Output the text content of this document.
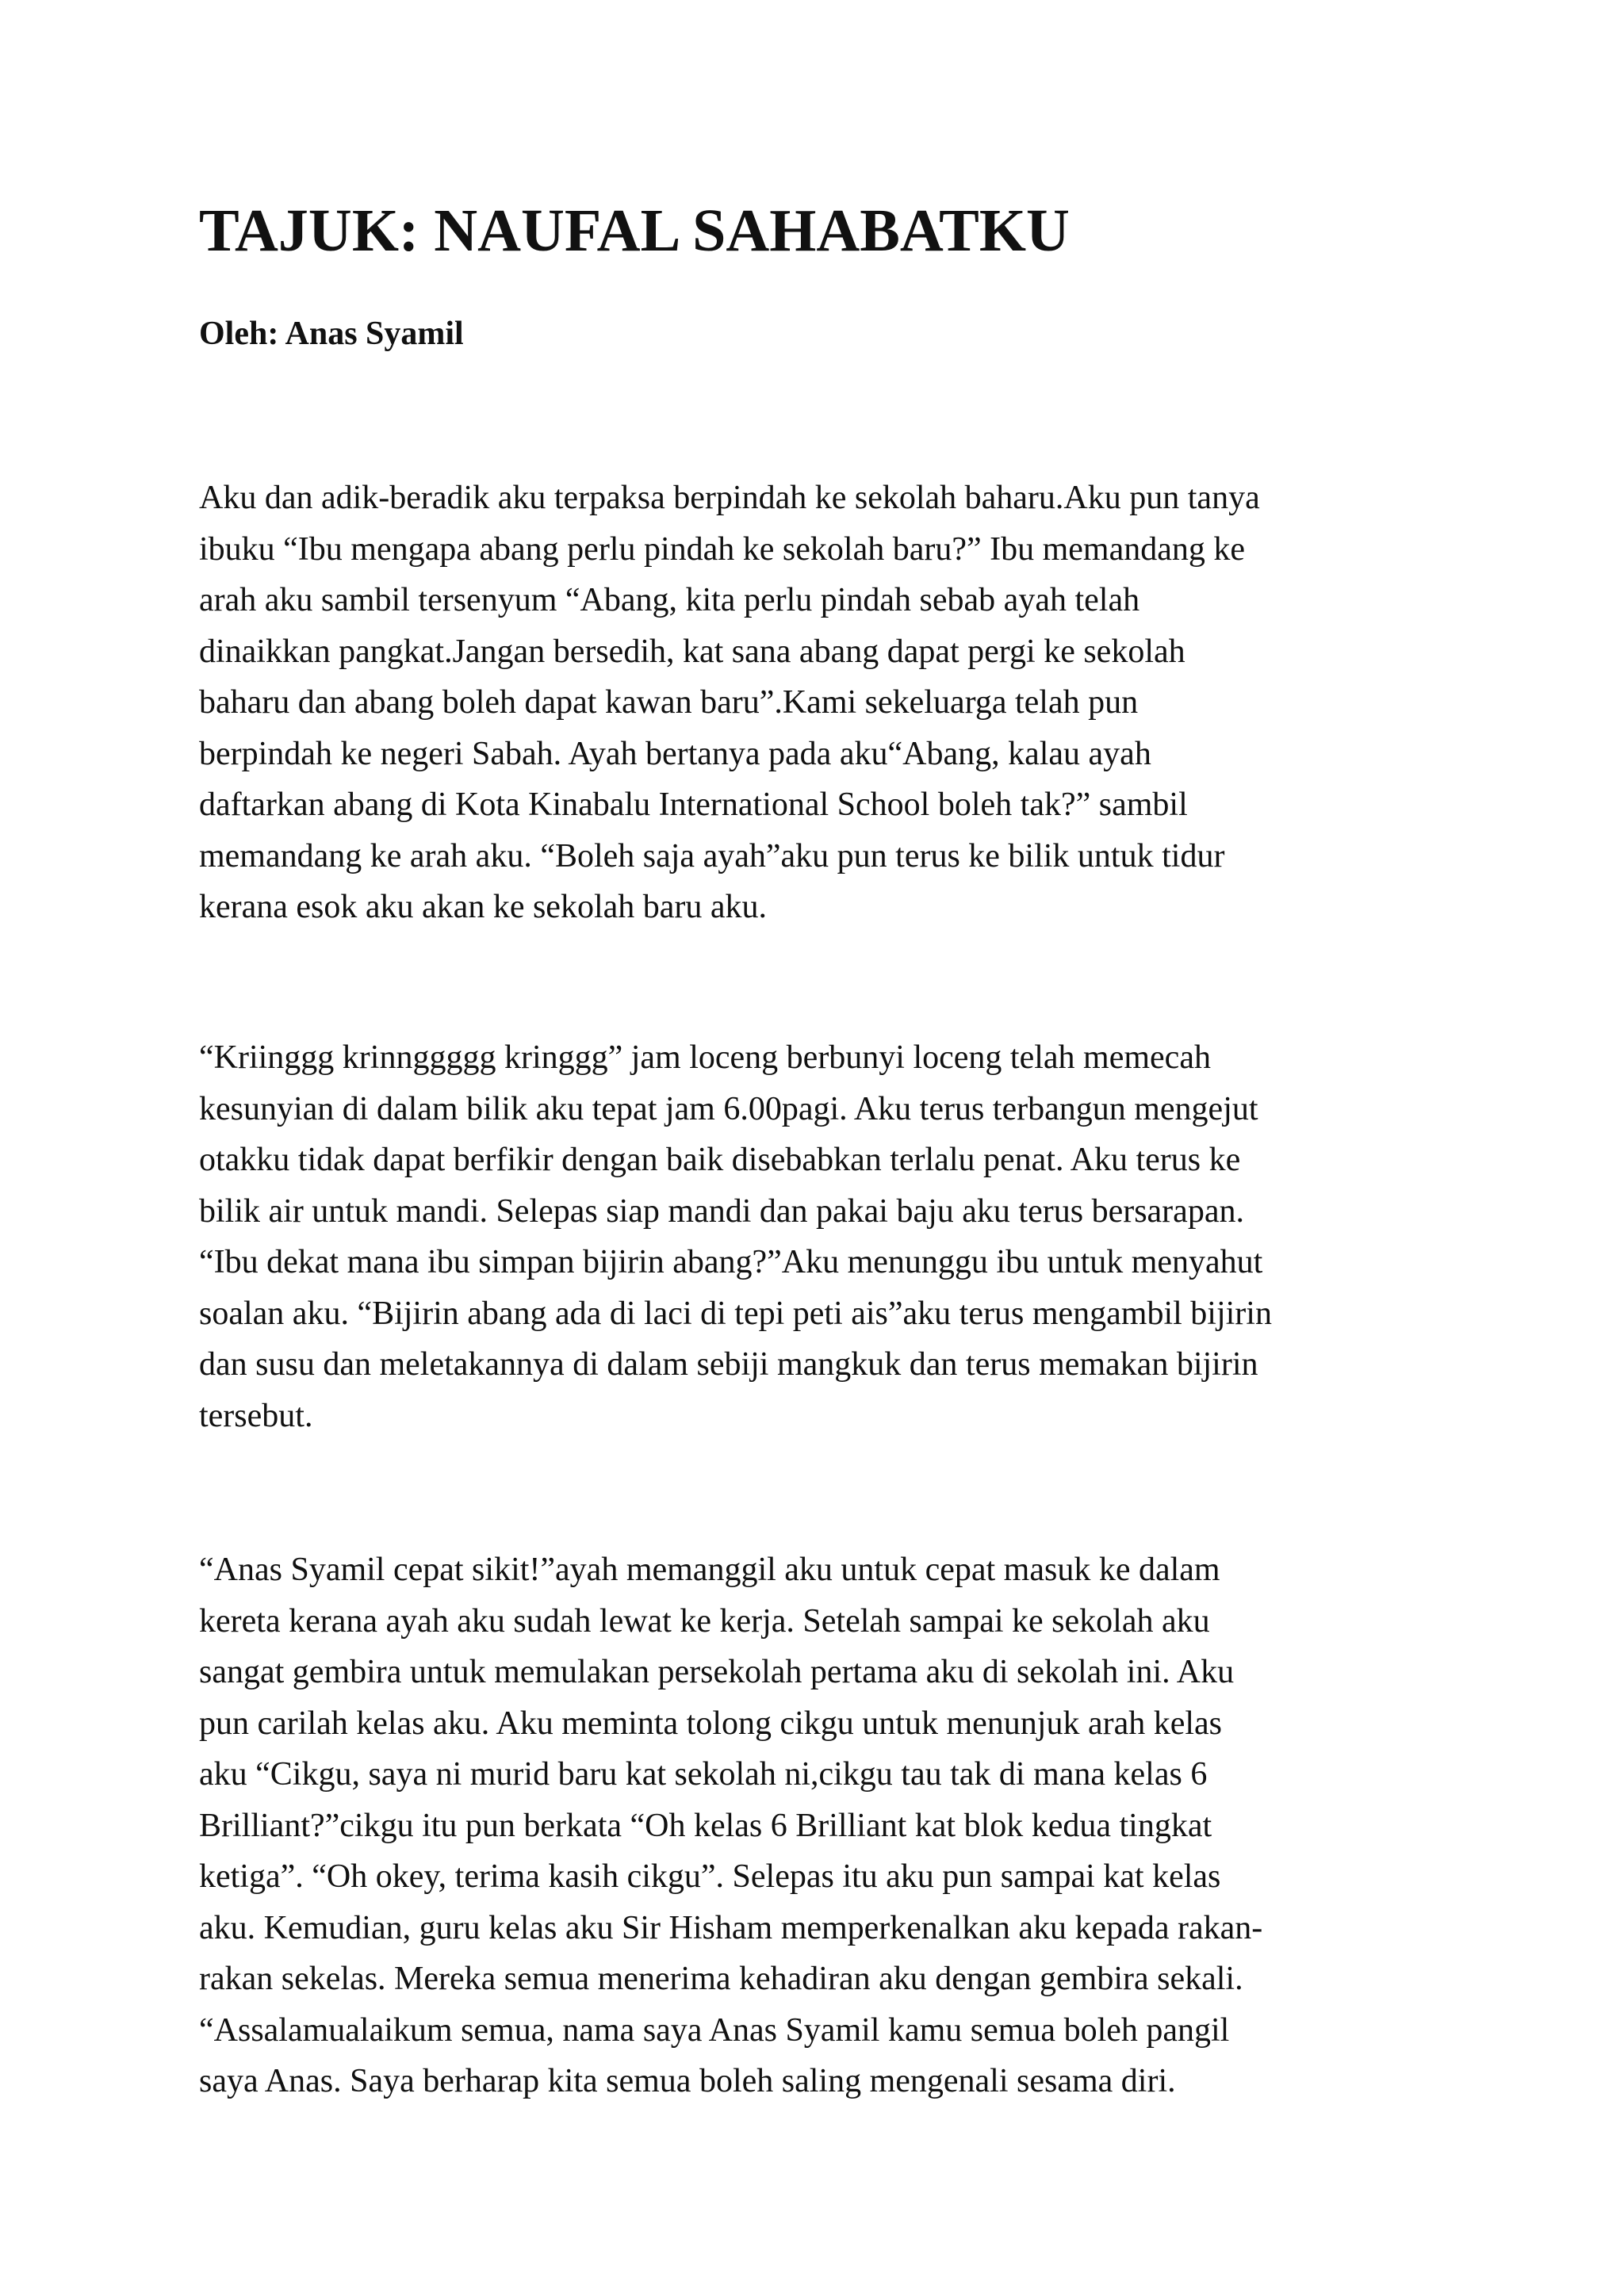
TAJUK: NAUFAL SAHABATKU

Oleh: Anas Syamil

Aku dan adik-beradik aku terpaksa berpindah ke sekolah baharu.Aku pun tanya
ibuku “Ibu mengapa abang perlu pindah ke sekolah baru?” Ibu memandang ke
arah aku sambil tersenyum “Abang, kita perlu pindah sebab ayah telah
dinaikkan pangkat.Jangan bersedih, kat sana abang dapat pergi ke sekolah
baharu dan abang boleh dapat kawan baru”.Kami sekeluarga telah pun
berpindah ke negeri Sabah. Ayah bertanya pada aku“Abang, kalau ayah
daftarkan abang di Kota Kinabalu International School boleh tak?” sambil
memandang ke arah aku. “Boleh saja ayah”aku pun terus ke bilik untuk tidur
kerana esok aku akan ke sekolah baru aku.

“Kriinggg krinnggggg kringgg” jam loceng berbunyi loceng telah memecah
kesunyian di dalam bilik aku tepat jam 6.00pagi. Aku terus terbangun mengejut
otakku tidak dapat berfikir dengan baik disebabkan terlalu penat. Aku terus ke
bilik air untuk mandi. Selepas siap mandi dan pakai baju aku terus bersarapan.
“Ibu dekat mana ibu simpan bijirin abang?”Aku menunggu ibu untuk menyahut
soalan aku. “Bijirin abang ada di laci di tepi peti ais”aku terus mengambil bijirin
dan susu dan meletakannya di dalam sebiji mangkuk dan terus memakan bijirin
tersebut.

“Anas Syamil cepat sikit!”ayah memanggil aku untuk cepat masuk ke dalam
kereta kerana ayah aku sudah lewat ke kerja. Setelah sampai ke sekolah aku
sangat gembira untuk memulakan persekolah pertama aku di sekolah ini. Aku
pun carilah kelas aku. Aku meminta tolong cikgu untuk menunjuk arah kelas
aku “Cikgu, saya ni murid baru kat sekolah ni,cikgu tau tak di mana kelas 6
Brilliant?”cikgu itu pun berkata “Oh kelas 6 Brilliant kat blok kedua tingkat
ketiga”. “Oh okey, terima kasih cikgu”. Selepas itu aku pun sampai kat kelas
aku. Kemudian, guru kelas aku Sir Hisham memperkenalkan aku kepada rakan-
rakan sekelas. Mereka semua menerima kehadiran aku dengan gembira sekali.
“Assalamualaikum semua, nama saya Anas Syamil kamu semua boleh pangil
saya Anas. Saya berharap kita semua boleh saling mengenali sesama diri.
